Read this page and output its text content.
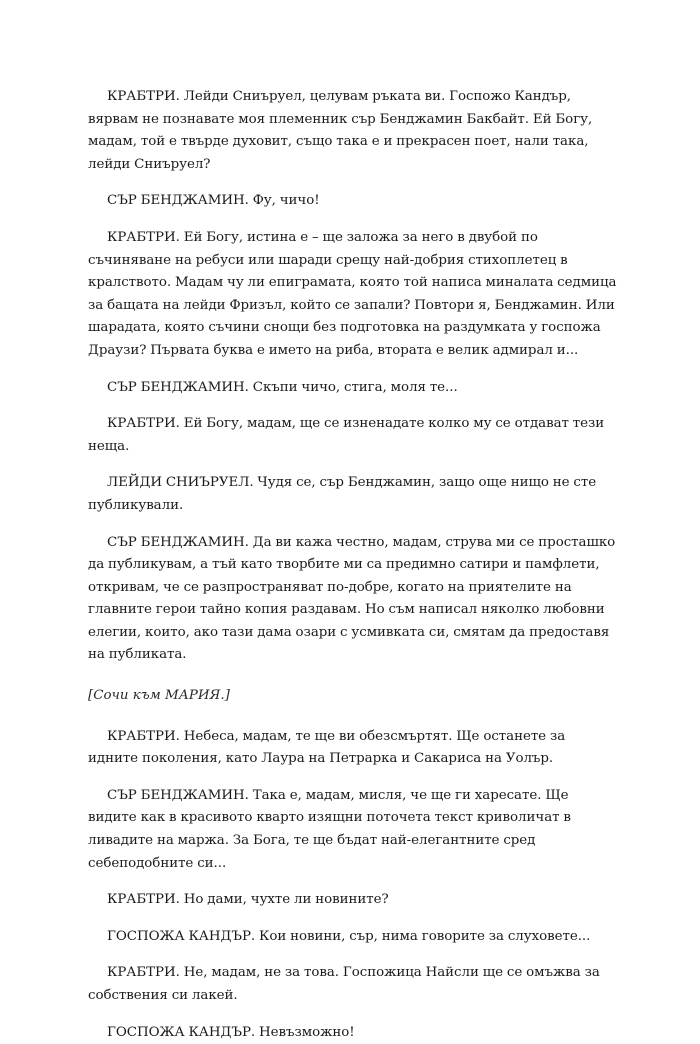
КРАБТРИ. Лейди Сниъруел, целувам ръката ви. Госпожо Кандър, вярвам не познавате моя племенник сър Бенджамин Бакбайт. Ей Богу, мадам, той е твърде духовит, също така е и прекрасен поет, нали така, лейди Сниъруел?

СЪР БЕНДЖАМИН. Фу, чичо!

КРАБТРИ. Ей Богу, истина е – ще заложа за него в двубой по съчиняване на ребуси или шаради срещу най-добрия стихоплетец в кралството. Мадам чу ли епиграмата, която той написа миналата седмица за бащата на лейди Фризъл, който се запали? Повтори я, Бенджамин. Или шарадата, която съчини снощи без подготовка на раздумката у госпожа Драузи? Първата буква е името на риба, втората е велик адмирал и...

СЪР БЕНДЖАМИН. Скъпи чичо, стига, моля те...

КРАБТРИ. Ей Богу, мадам, ще се изненадате колко му се отдават тези неща.

ЛЕЙДИ СНИЪРУЕЛ. Чудя се, сър Бенджамин, защо още нищо не сте публикували.

СЪР БЕНДЖАМИН. Да ви кажа честно, мадам, струва ми се просташко да публикувам, а тъй като творбите ми са предимно сатири и памфлети, откривам, че се разпространяват по-добре, когато на приятелите на главните герои тайно копия раздавам. Но съм написал няколко любовни елегии, които, ако тази дама озари с усмивката си, смятам да предоставя на публиката.

[Сочи към МАРИЯ.]

КРАБТРИ. Небеса, мадам, те ще ви обезсмъртят. Ще останете за идните поколения, като Лаура на Петрарка и Сакариса на Уолър.

СЪР БЕНДЖАМИН. Така е, мадам, мисля, че ще ги харесате. Ще видите как в красивото кварто изящни поточета текст криволичат в ливадите на маржа. За Бога, те ще бъдат най-елегантните сред себеподобните си...

КРАБТРИ. Но дами, чухте ли новините?

ГОСПОЖА КАНДЪР. Кои новини, сър, нима говорите за слуховете...

КРАБТРИ. Не, мадам, не за това. Госпожица Найсли ще се омъжва за собствения си лакей.

ГОСПОЖА КАНДЪР. Невъзможно!
